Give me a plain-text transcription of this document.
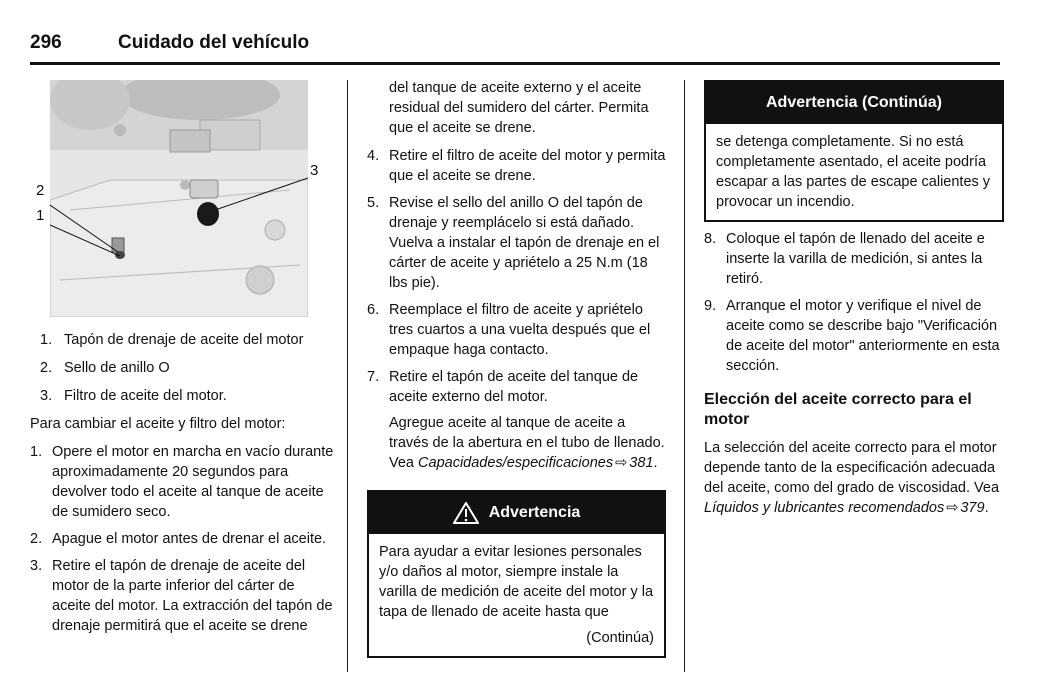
296	Cuidado del vehículo
2
1
3
1. Tapón de drenaje de aceite del motor
2. Sello de anillo O
3. Filtro de aceite del motor.

Para cambiar el aceite y filtro del motor:

1. Opere el motor en marcha en vacío durante aproximadamente 20 segundos para devolver todo el aceite al tanque de aceite de sumidero seco.
2. Apague el motor antes de drenar el aceite.
3. Retire el tapón de drenaje de aceite del motor de la parte inferior del cárter de aceite del motor. La extracción del tapón de drenaje permitirá que el aceite se drene

del tanque de aceite externo y el aceite residual del sumidero del cárter. Permita que el aceite se drene.

4. Retire el filtro de aceite del motor y permita que el aceite se drene.
5. Revise el sello del anillo O del tapón de drenaje y reemplácelo si está dañado. Vuelva a instalar el tapón de drenaje en el cárter de aceite y apriételo a 25 N.m (18 lbs pie).
6. Reemplace el filtro de aceite y apriételo tres cuartos a una vuelta después que el empaque haga contacto.
7. Retire el tapón de aceite del tanque de aceite externo del motor.

Agregue aceite al tanque de aceite a través de la abertura en el tubo de llenado. Vea Capacidades/especificaciones ⇨ 381.

Advertencia
Para ayudar a evitar lesiones personales y/o daños al motor, siempre instale la varilla de medición de aceite del motor y la tapa de llenado de aceite hasta que
(Continúa)
Advertencia (Continúa)
se detenga completamente. Si no está completamente asentado, el aceite podría escapar a las partes de escape calientes y provocar un incendio.
8. Coloque el tapón de llenado del aceite e inserte la varilla de medición, si antes la retiró.
9. Arranque el motor y verifique el nivel de aceite como se describe bajo "Verificación de aceite del motor" anteriormente en esta sección.
Elección del aceite correcto para el motor

La selección del aceite correcto para el motor depende tanto de la especificación adecuada del aceite, como del grado de viscosidad. Vea Líquidos y lubricantes recomendados ⇨ 379.
